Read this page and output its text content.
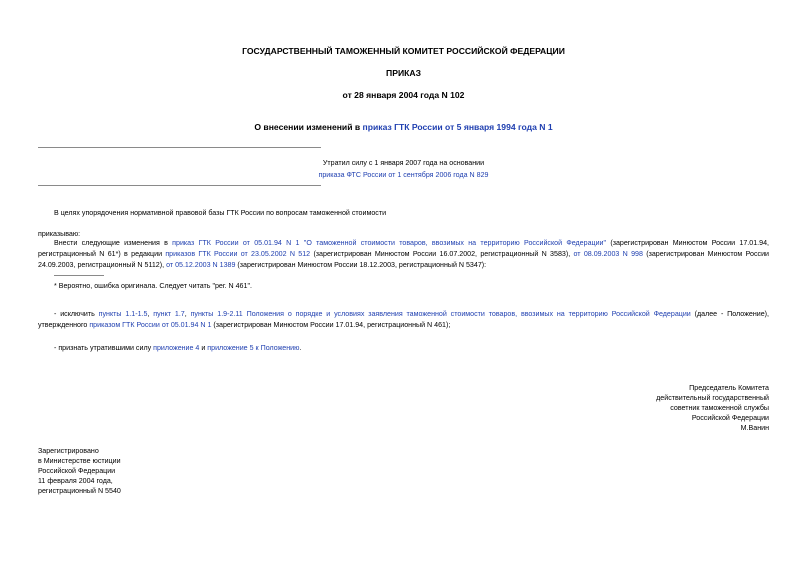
ГОСУДАРСТВЕННЫЙ ТАМОЖЕННЫЙ КОМИТЕТ РОССИЙСКОЙ ФЕДЕРАЦИИ

ПРИКАЗ

от 28 января 2004 года N 102

О внесении изменений в приказ ГТК России от 5 января 1994 года N 1

Утратил силу с 1 января 2007 года на основании

приказа ФТС России от 1 сентября 2006 года N 829

В целях упорядочения нормативной правовой базы ГТК России по вопросам таможенной стоимости

приказываю:

Внести следующие изменения в приказ ГТК России от 05.01.94 N 1 "О таможенной стоимости товаров, ввозимых на территорию Российской Федерации" (зарегистрирован Минюстом России 17.01.94, регистрационный N 61*) в редакции приказов ГТК России от 23.05.2002 N 512 (зарегистрирован Минюстом России 16.07.2002, регистрационный N 3583), от 08.09.2003 N 998 (зарегистрирован Минюстом России 24.09.2003, регистрационный N 5112), от 05.12.2003 N 1389 (зарегистрирован Минюстом России 18.12.2003, регистрационный N 5347):

* Вероятно, ошибка оригинала. Следует читать "рег. N 461".

- исключить пункты 1.1-1.5, пункт 1.7, пункты 1.9-2.11 Положения о порядке и условиях заявления таможенной стоимости товаров, ввозимых на территорию Российской Федерации (далее - Положение), утвержденного приказом ГТК России от 05.01.94 N 1 (зарегистрирован Минюстом России 17.01.94, регистрационный N 461);

- признать утратившими силу приложение 4 и приложение 5 к Положению.

Председатель Комитета

действительный государственный

советник таможенной службы

Российской Федерации

М.Ванин

Зарегистрировано

в Министерстве юстиции

Российской Федерации

11 февраля 2004 года,

регистрационный N 5540
